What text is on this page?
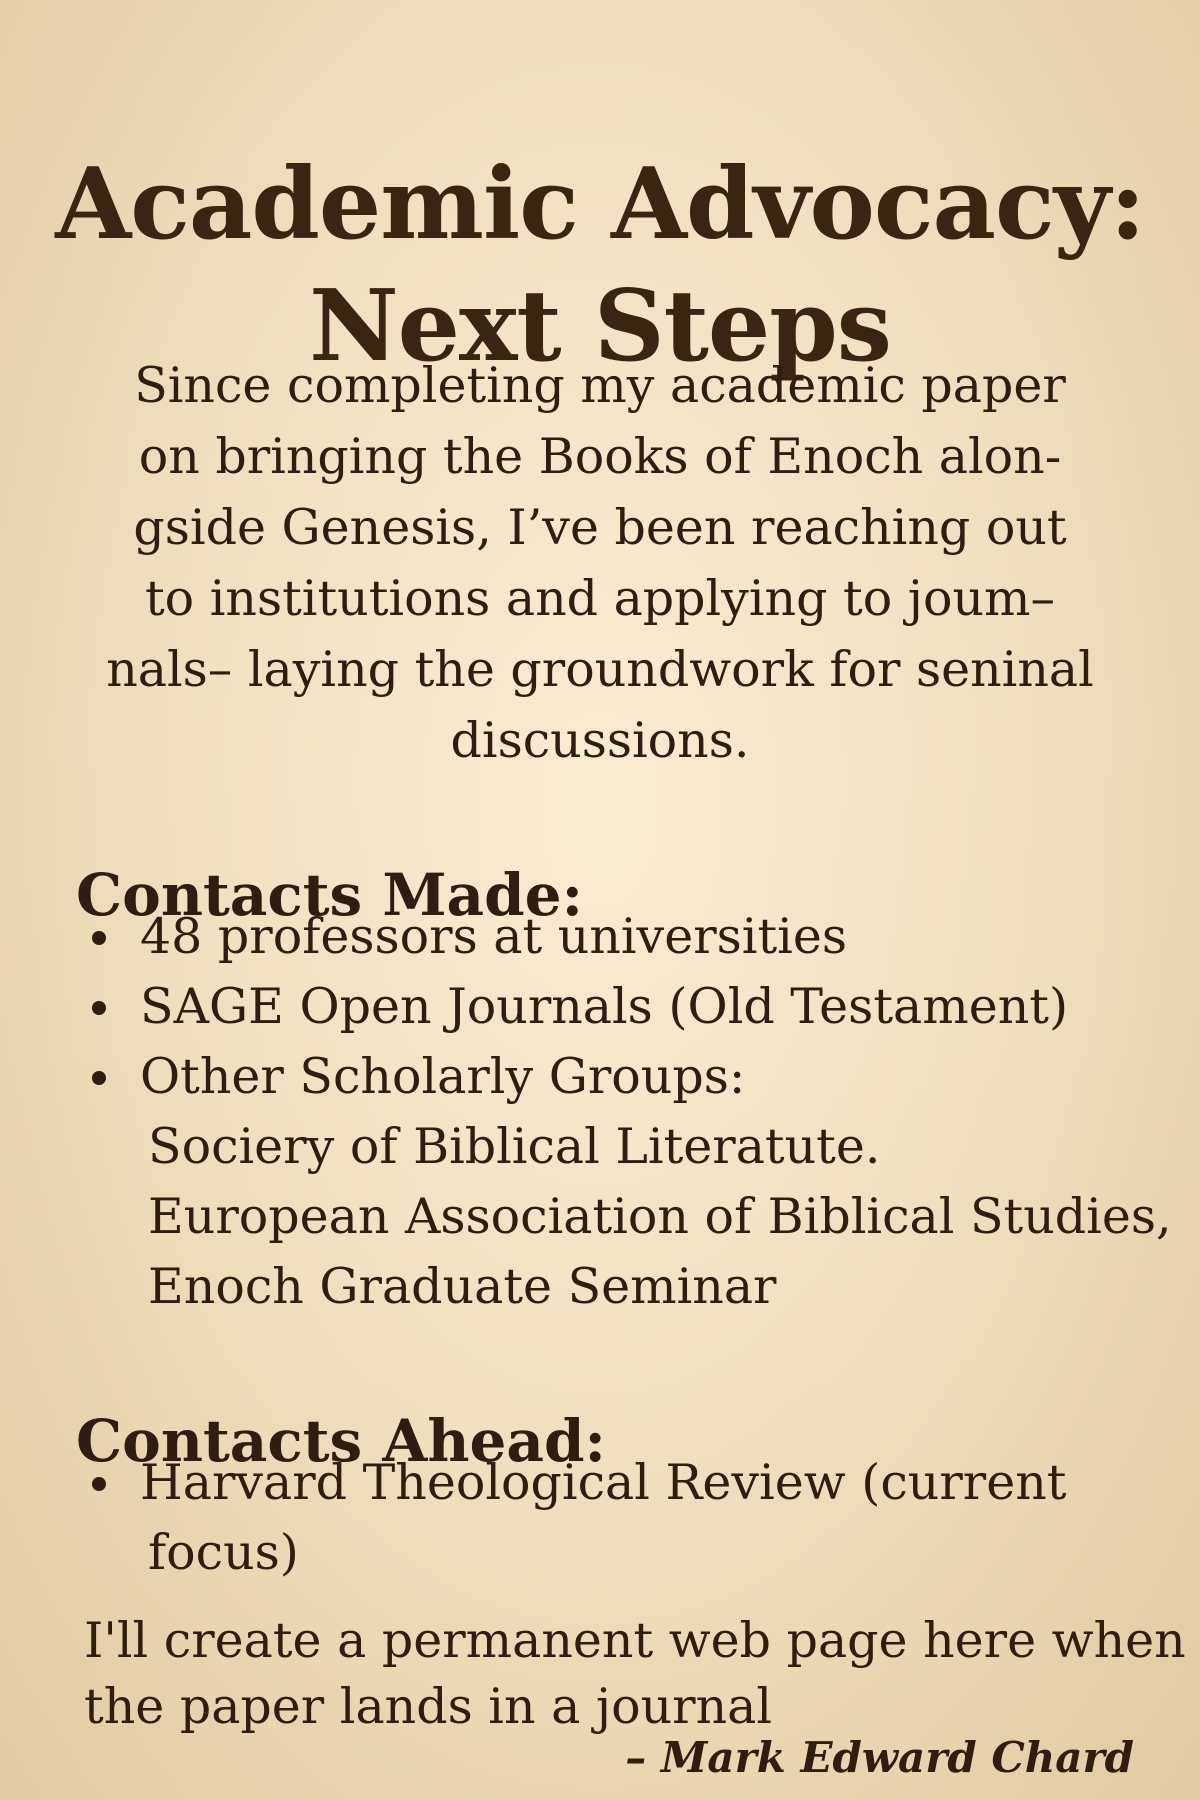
Academic Advocacy:
Next Steps
Since completing my academic paper
on bringing the Books of Enoch alon-
gside Genesis, I’ve been reaching out
to institutions and applying to joum–
nals– laying the groundwork for seninal
discussions.
Contacts Made:
48 professors at universities
SAGE Open Journals (Old Testament)
Other Scholarly Groups:
Sociery of Biblical Literatute.
European Association of Biblical Studies,
Enoch Graduate Seminar
Contacts Ahead:
Harvard Theological Review (current
focus)
I'll create a permanent web page here when
the paper lands in a journal
– Mark Edward Chard
